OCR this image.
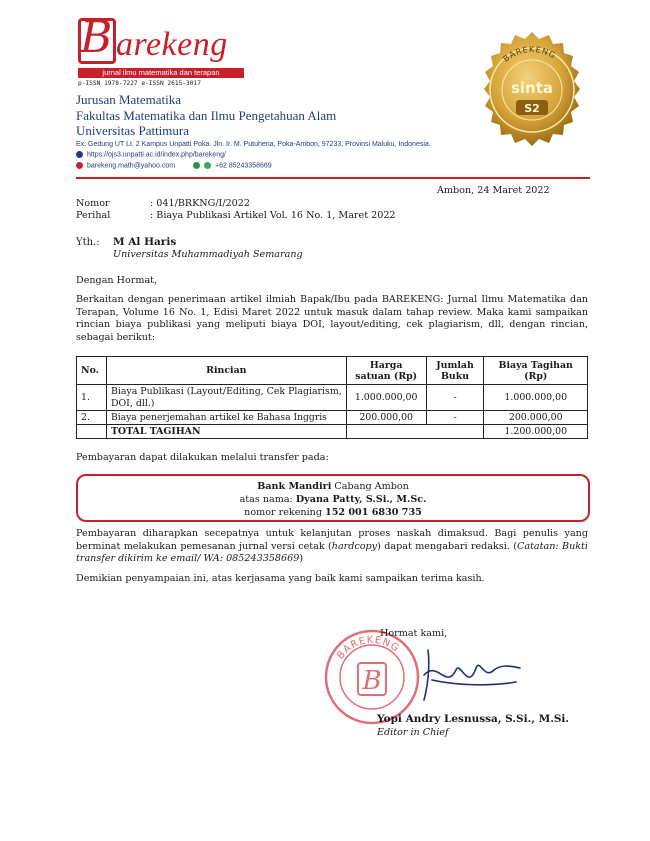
B arekeng
jurnal ilmu matematika dan terapan
p-ISSN 1978-7227 e-ISSN 2615-3017
Jurusan Matematika
Fakultas Matematika dan Ilmu Pengetahuan Alam
Universitas Pattimura
Ex. Gedung UT Lt. 2 Kampus Unpatti Poka. Jln. Ir. M. Putuhena, Poka-Ambon, 97233, Provinsi Maluku, Indonesia.
https://ojs3.unpatti.ac.id/index.php/barekeng/
barekeng.math@yahoo.com	+62 85243358669
BAREKENG
sinta
S2
Ambon, 24 Maret 2022
Nomor	: 041/BRKNG/I/2022
Perihal	: Biaya Publikasi Artikel Vol. 16 No. 1, Maret 2022
Yth.: M Al Haris
Universitas Muhammadiyah Semarang
Dengan Hormat,
Berkaitan dengan penerimaan artikel ilmiah Bapak/Ibu pada BAREKENG: Jurnal Ilmu Matematika dan Terapan, Volume 16 No. 1, Edisi Maret 2022 untuk masuk dalam tahap review. Maka kami sampaikan rincian biaya publikasi yang meliputi biaya DOI, layout/editing, cek plagiarism, dll, dengan rincian, sebagai berikut:
No.	Rincian	Harga satuan (Rp)	Jumlah Buku	Biaya Tagihan (Rp)
1.	Biaya Publikasi (Layout/Editing, Cek Plagiarism, DOI, dll.)	1.000.000,00	-	1.000.000,00
2.	Biaya penerjemahan artikel ke Bahasa Inggris	200.000,00	-	200.000,00
	TOTAL TAGIHAN			1.200.000,00
Pembayaran dapat dilakukan melalui transfer pada:
Bank Mandiri Cabang Ambon
atas nama: Dyana Patty, S.Si., M.Sc.
nomor rekening 152 001 6830 735
Pembayaran diharapkan secepatnya untuk kelanjutan proses naskah dimaksud. Bagi penulis yang berminat melakukan pemesanan jurnal versi cetak (hardcopy) dapat mengabari redaksi. (Catatan: Bukti transfer dikirim ke email/ WA: 085243358669)
Demikian penyampaian ini, atas kerjasama yang baik kami sampaikan terima kasih.
BAREKENG
B
Hormat kami,
Yopi Andry Lesnussa, S.Si., M.Si.
Editor in Chief
